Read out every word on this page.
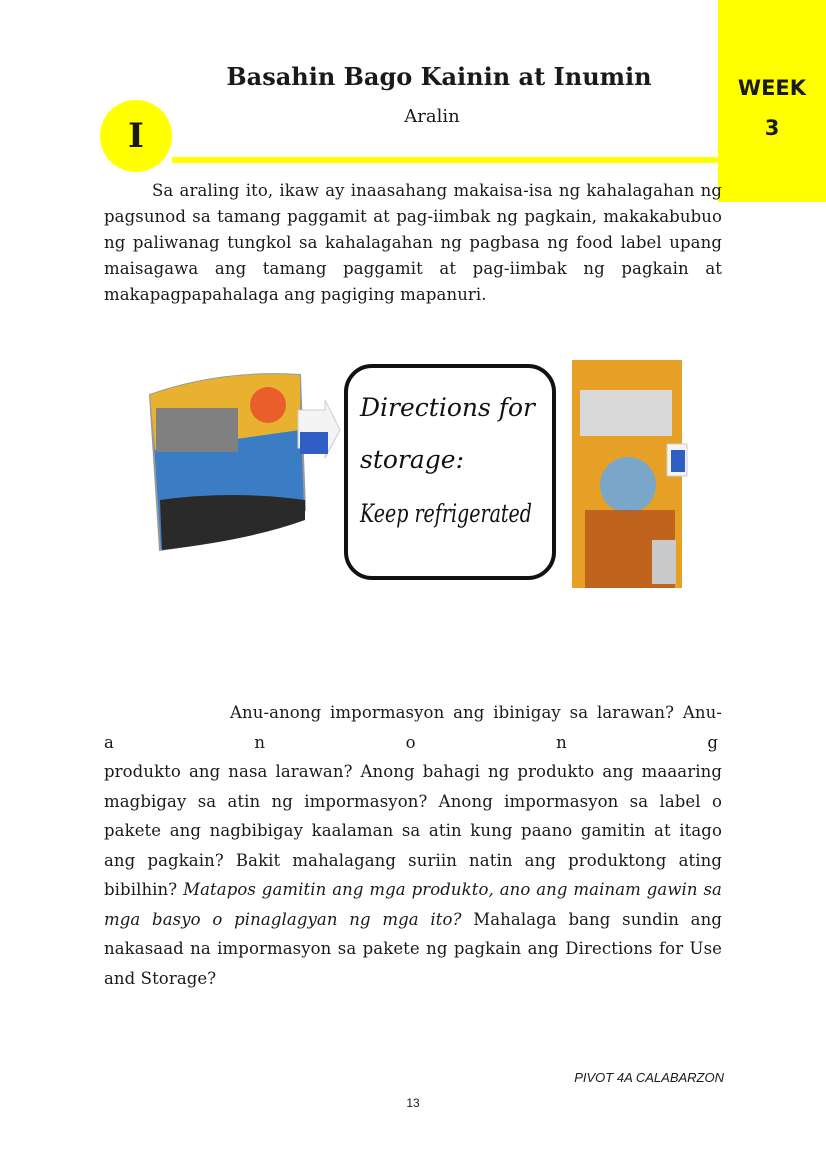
WEEK
3
Basahin Bago Kainin at Inumin
Aralin
I
Sa araling ito, ikaw ay inaasahang makaisa-isa ng kahalagahan ng pagsunod sa tamang paggamit at pag-iimbak ng pagkain, makakabubuo ng paliwanag tungkol sa kahalagahan ng pagbasa ng food label upang maisagawa ang tamang paggamit at pag-iimbak ng pagkain at makapagpapahalaga ang pagiging mapanuri.
Directions for
storage:
Keep refrigerated
Anu-anong impormasyon ang ibinigay sa larawan? Anu-
a	n	o	n	g
produkto ang nasa larawan? Anong bahagi ng produkto ang maaaring magbigay sa atin ng impormasyon? Anong impormasyon sa label o pakete ang nagbibigay kaalaman sa atin kung paano gamitin at itago ang pagkain? Bakit mahalagang suriin natin ang produktong ating bibilhin? Matapos gamitin ang mga produkto, ano ang mainam gawin sa mga basyo o pinaglagyan ng mga ito? Mahalaga bang sundin ang nakasaad na impormasyon sa pakete ng pagkain ang Directions for Use and Storage?
PIVOT 4A CALABARZON
13
